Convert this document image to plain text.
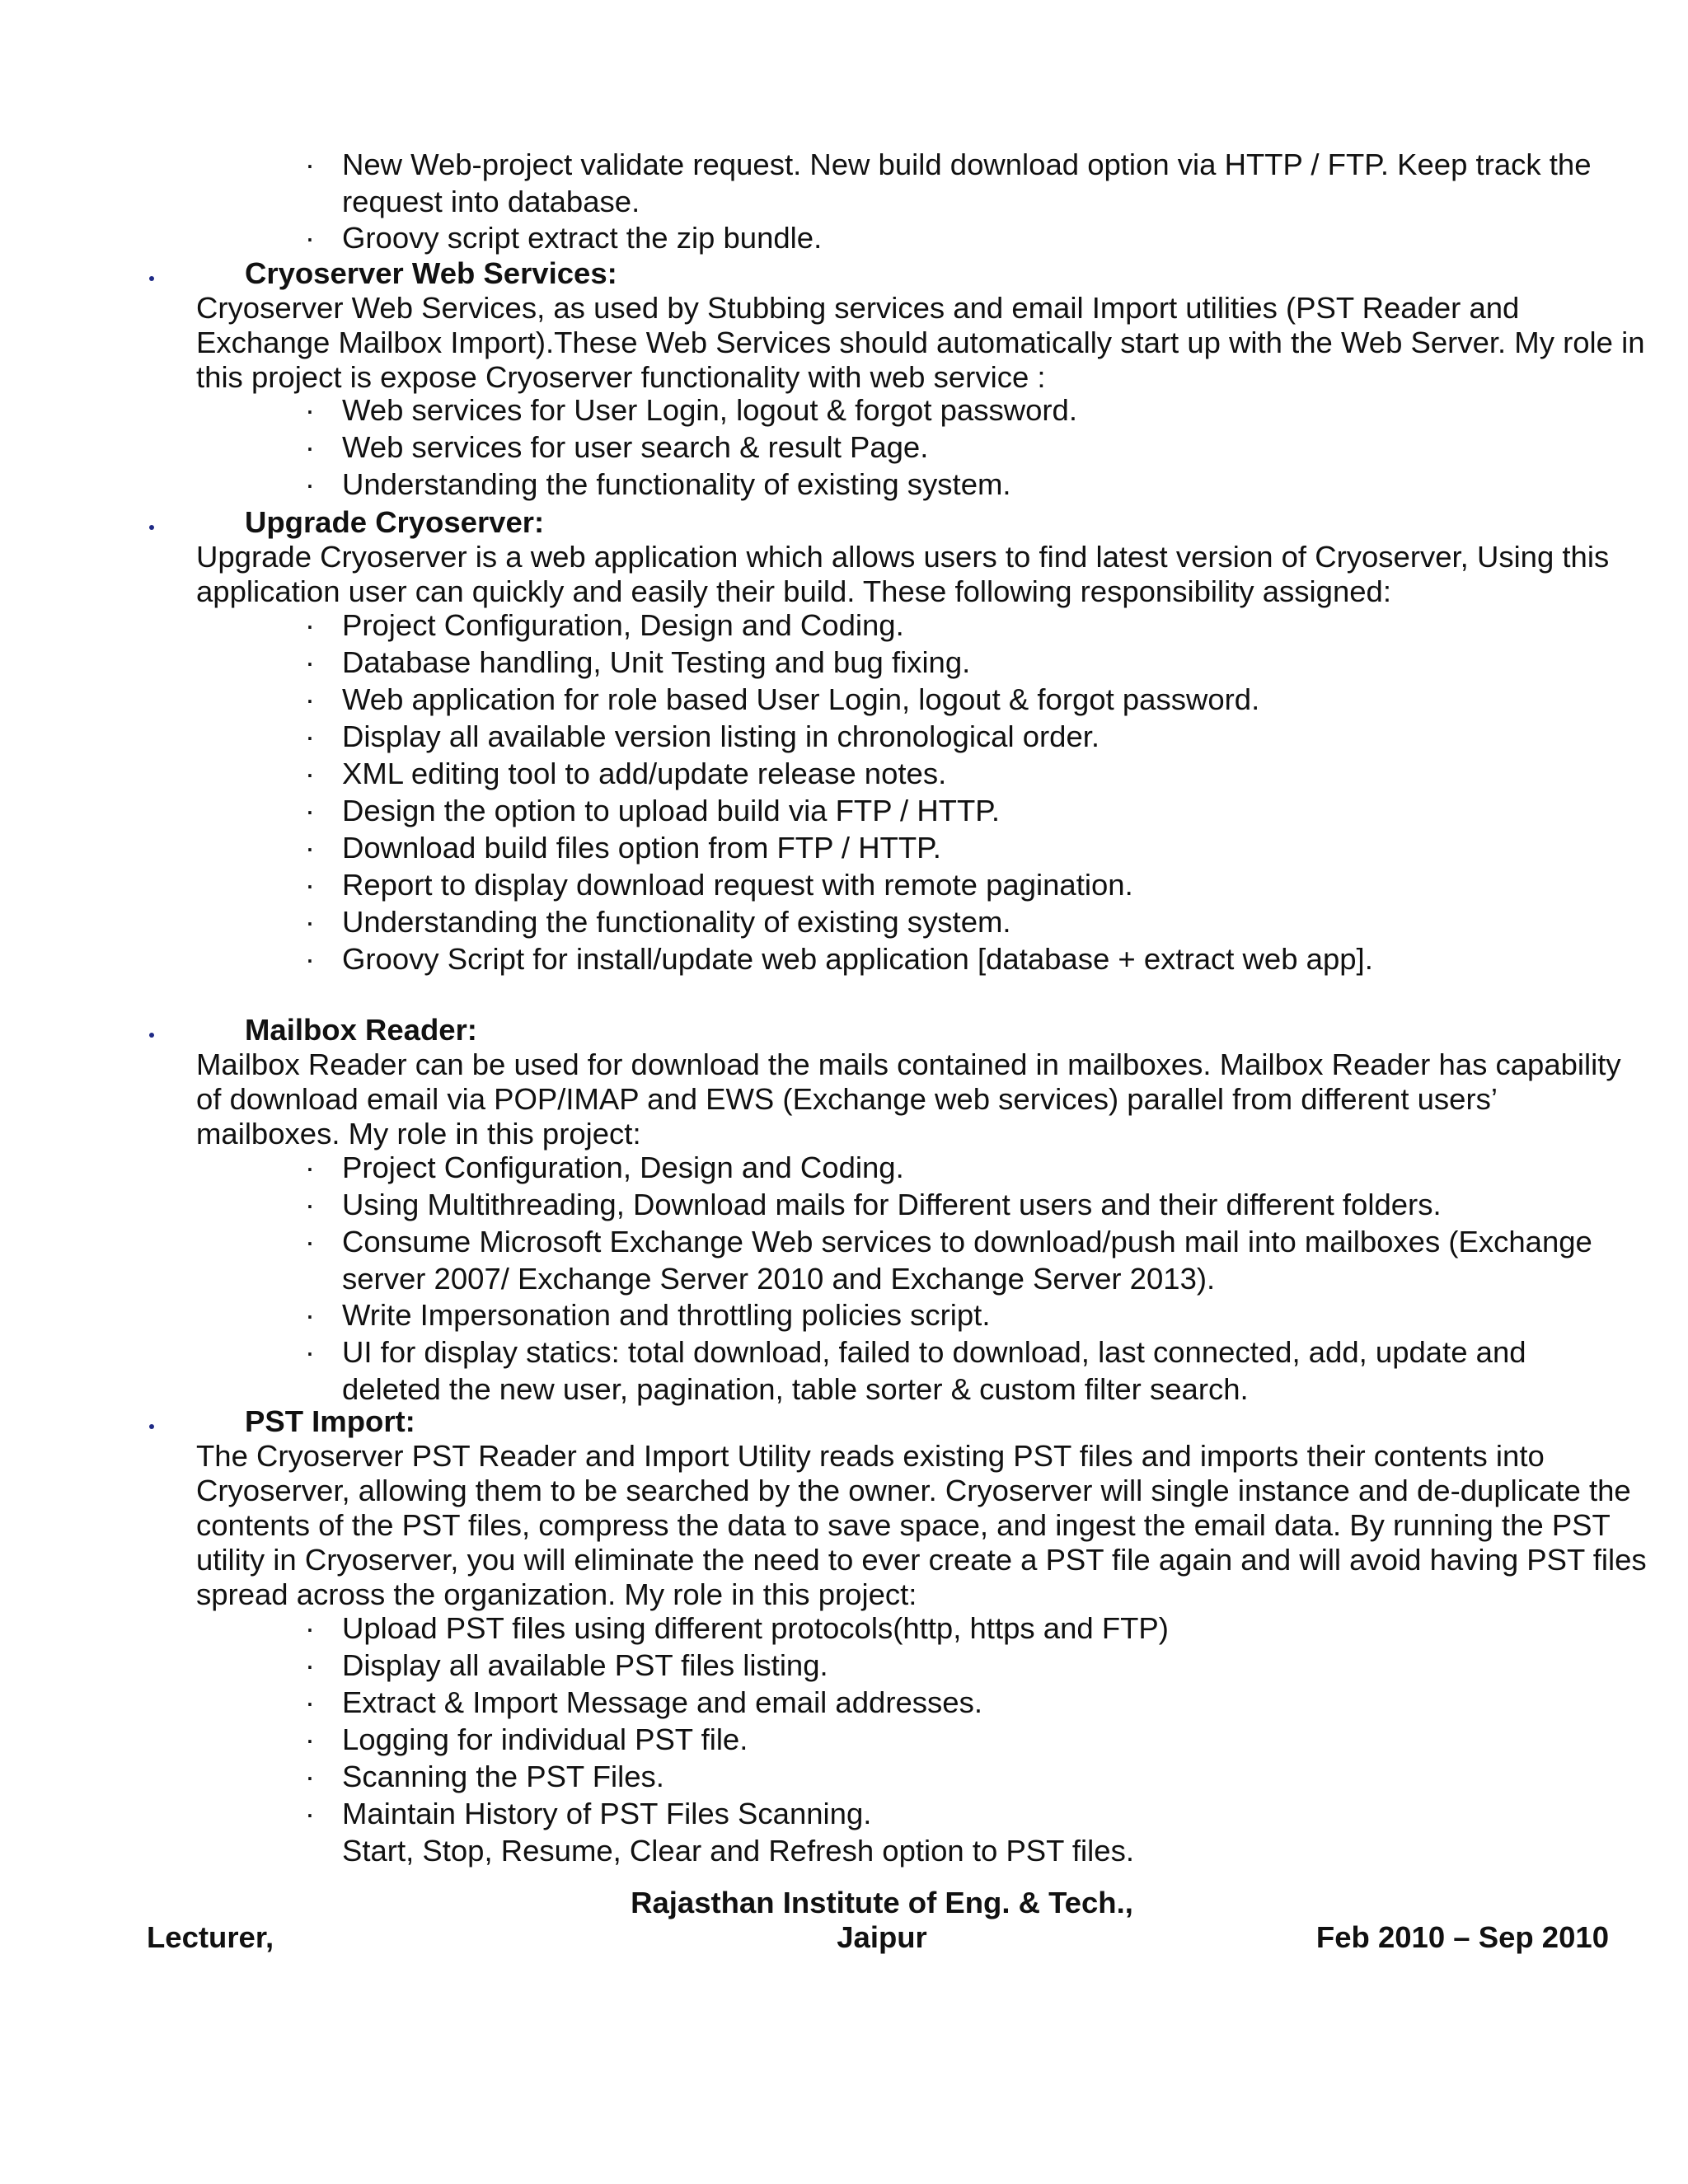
· New Web-project validate request. New build download option via HTTP / FTP. Keep track the request into database.
· Groovy script extract the zip bundle.
Cryoserver Web Services:
Cryoserver Web Services, as used by Stubbing services and email Import utilities (PST Reader and Exchange Mailbox Import).These Web Services should automatically start up with the Web Server. My role in this project is expose Cryoserver functionality with web service :
· Web services for User Login, logout & forgot password.
· Web services for user search & result Page.
· Understanding the functionality of existing system.
Upgrade Cryoserver:
Upgrade Cryoserver is a web application which allows users to find latest version of Cryoserver, Using this application user can quickly and easily their build. These following responsibility assigned:
· Project Configuration, Design and Coding.
· Database handling, Unit Testing and bug fixing.
· Web application for role based User Login, logout & forgot password.
· Display all available version listing in chronological order.
· XML editing tool to add/update release notes.
· Design the option to upload build via FTP / HTTP.
· Download build files option from FTP / HTTP.
· Report to display download request with remote pagination.
· Understanding the functionality of existing system.
· Groovy Script for install/update web application [database + extract web app].
Mailbox Reader:
Mailbox Reader can be used for download the mails contained in mailboxes. Mailbox Reader has capability of download email via POP/IMAP and EWS (Exchange web services) parallel from different users’ mailboxes. My role in this project:
· Project Configuration, Design and Coding.
· Using Multithreading, Download mails for Different users and their different folders.
· Consume Microsoft Exchange Web services to download/push mail into mailboxes (Exchange server 2007/ Exchange Server 2010 and Exchange Server 2013).
· Write Impersonation and throttling policies script.
· UI for display statics: total download, failed to download, last connected, add, update and deleted the new user, pagination, table sorter & custom filter search.
PST Import:
The Cryoserver PST Reader and Import Utility reads existing PST files and imports their contents into Cryoserver, allowing them to be searched by the owner. Cryoserver will single instance and de-duplicate the contents of the PST files, compress the data to save space, and ingest the email data. By running the PST utility in Cryoserver, you will eliminate the need to ever create a PST file again and will avoid having PST files spread across the organization. My role in this project:
· Upload PST files using different protocols(http, https and FTP)
· Display all available PST files listing.
· Extract & Import Message and email addresses.
· Logging for individual PST file.
· Scanning the PST Files.
· Maintain History of PST Files Scanning.
Start, Stop, Resume, Clear and Refresh option to PST files.
Rajasthan Institute of Eng. & Tech.,
Jaipur
Lecturer,	Feb 2010 – Sep 2010
